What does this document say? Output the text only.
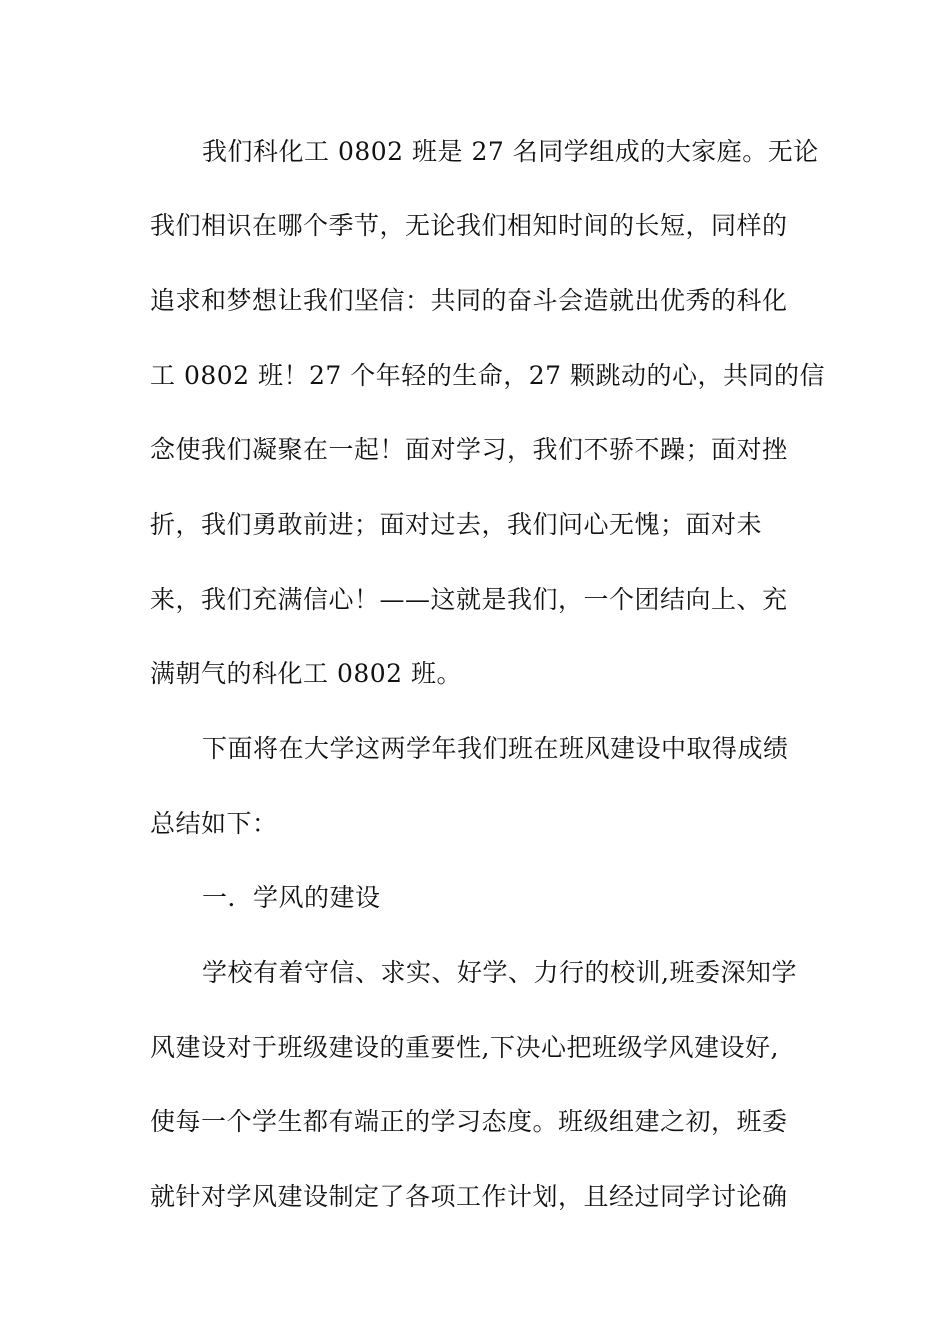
我们科化工 0802 班是 27 名同学组成的大家庭。无论

我们相识在哪个季节，无论我们相知时间的长短，同样的

追求和梦想让我们坚信：共同的奋斗会造就出优秀的科化

工 0802 班！27 个年轻的生命，27 颗跳动的心，共同的信

念使我们凝聚在一起！面对学习，我们不骄不躁；面对挫

折，我们勇敢前进；面对过去，我们问心无愧；面对未

来，我们充满信心！——这就是我们，一个团结向上、充

满朝气的科化工 0802 班。

下面将在大学这两学年我们班在班风建设中取得成绩

总结如下：

一．学风的建设

学校有着守信、求实、好学、力行的校训,班委深知学

风建设对于班级建设的重要性,下决心把班级学风建设好,

使每一个学生都有端正的学习态度。班级组建之初，班委

就针对学风建设制定了各项工作计划，且经过同学讨论确
